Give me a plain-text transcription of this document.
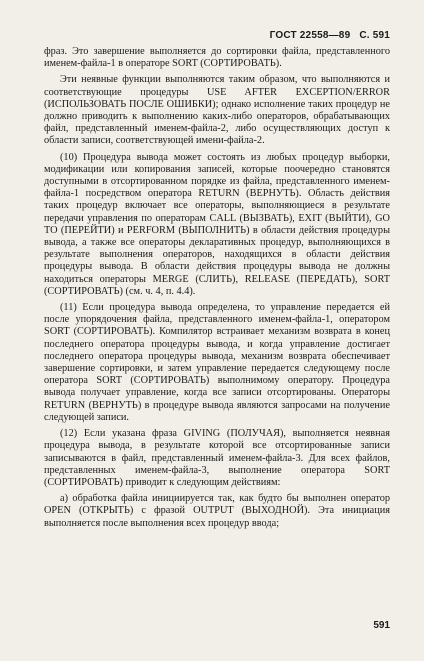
ГОСТ 22558—89 С. 591

фраз. Это завершение выполняется до сортировки файла, представленного именем-файла-1 в операторе SORT (СОРТИРОВАТЬ).

Эти неявные функции выполняются таким образом, что выполняются и соответствующие процедуры USE AFTER EXCEPTION/ERROR (ИСПОЛЬЗОВАТЬ ПОСЛЕ ОШИБКИ); однако исполнение таких процедур не должно приводить к выполнению каких-либо операторов, обрабатывающих файл, представленный именем-файла-2, либо осуществляющих доступ к области записи, соответствующей имени-файла-2.

(10) Процедура вывода может состоять из любых процедур выборки, модификации или копирования записей, которые поочередно становятся доступными в отсортированном порядке из файла, представленного именем-файла-1 посредством оператора RETURN (ВЕРНУТЬ). Область действия таких процедур включает все операторы, выполняющиеся в результате передачи управления по операторам CALL (ВЫЗВАТЬ), EXIT (ВЫЙТИ), GO TO (ПЕРЕЙТИ) и PERFORM (ВЫПОЛНИТЬ) в области действия процедуры вывода, а также все операторы декларативных процедур, выполняющихся в результате выполнения операторов, находящихся в области действия процедуры вывода. В области действия процедуры вывода не должны находиться операторы MERGE (СЛИТЬ), RELEASE (ПЕРЕДАТЬ), SORT (СОРТИРОВАТЬ) (см. ч. 4, п. 4.4).

(11) Если процедура вывода определена, то управление передается ей после упорядочения файла, представленного именем-файла-1, оператором SORT (СОРТИРОВАТЬ). Компилятор встраивает механизм возврата в конец последнего оператора процедуры вывода, и когда управление достигает последнего оператора процедуры вывода, механизм возврата обеспечивает завершение сортировки, и затем управление передается следующему после оператора SORT (СОРТИРОВАТЬ) выполнимому оператору. Процедура вывода получает управление, когда все записи отсортированы. Операторы RETURN (ВЕРНУТЬ) в процедуре вывода являются запросами на получение следующей записи.

(12) Если указана фраза GIVING (ПОЛУЧАЯ), выполняется неявная процедура вывода, в результате которой все отсортированные записи записываются в файл, представленный именем-файла-3. Для всех файлов, представленных именем-файла-3, выполнение оператора SORT (СОРТИРОВАТЬ) приводит к следующим действиям:

а) обработка файла инициируется так, как будто бы выполнен оператор OPEN (ОТКРЫТЬ) с фразой OUTPUT (ВЫХОДНОЙ). Эта инициация выполняется после выполнения всех процедур ввода;

591
